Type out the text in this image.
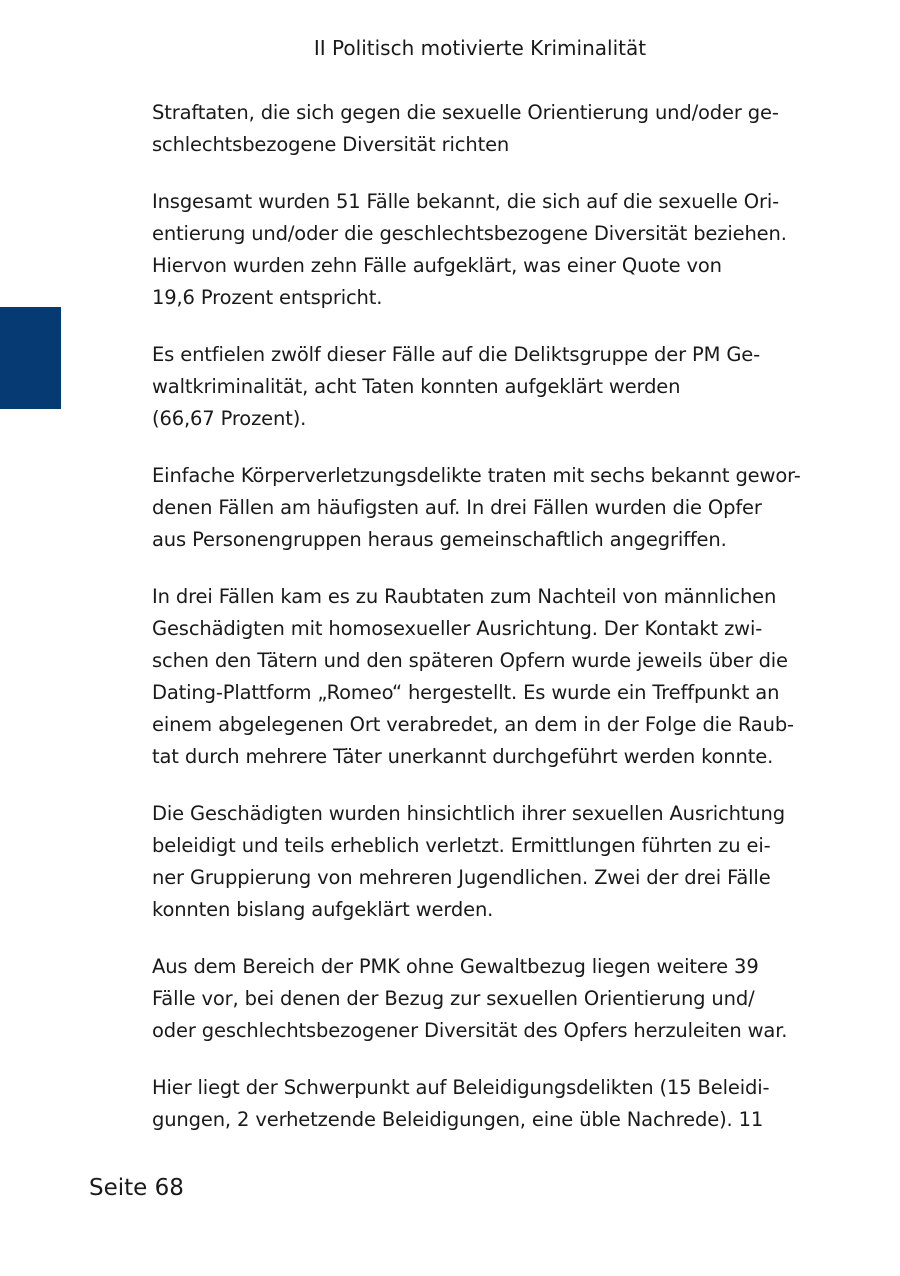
II Politisch motivierte Kriminalität

Straftaten, die sich gegen die sexuelle Orientierung und/oder ge-
schlechtsbezogene Diversität richten

Insgesamt wurden 51 Fälle bekannt, die sich auf die sexuelle Ori-
entierung und/oder die geschlechtsbezogene Diversität beziehen.
Hiervon wurden zehn Fälle aufgeklärt, was einer Quote von
19,6 Prozent entspricht.

Es entfielen zwölf dieser Fälle auf die Deliktsgruppe der PM Ge-
waltkriminalität, acht Taten konnten aufgeklärt werden
(66,67 Prozent).

Einfache Körperverletzungsdelikte traten mit sechs bekannt gewor-
denen Fällen am häufigsten auf. In drei Fällen wurden die Opfer
aus Personengruppen heraus gemeinschaftlich angegriffen.

In drei Fällen kam es zu Raubtaten zum Nachteil von männlichen
Geschädigten mit homosexueller Ausrichtung. Der Kontakt zwi-
schen den Tätern und den späteren Opfern wurde jeweils über die
Dating-Plattform „Romeo“ hergestellt. Es wurde ein Treffpunkt an
einem abgelegenen Ort verabredet, an dem in der Folge die Raub-
tat durch mehrere Täter unerkannt durchgeführt werden konnte.

Die Geschädigten wurden hinsichtlich ihrer sexuellen Ausrichtung
beleidigt und teils erheblich verletzt. Ermittlungen führten zu ei-
ner Gruppierung von mehreren Jugendlichen. Zwei der drei Fälle
konnten bislang aufgeklärt werden.

Aus dem Bereich der PMK ohne Gewaltbezug liegen weitere 39
Fälle vor, bei denen der Bezug zur sexuellen Orientierung und/
oder geschlechtsbezogener Diversität des Opfers herzuleiten war.

Hier liegt der Schwerpunkt auf Beleidigungsdelikten (15 Beleidi-
gungen, 2 verhetzende Beleidigungen, eine üble Nachrede). 11

Seite 68
